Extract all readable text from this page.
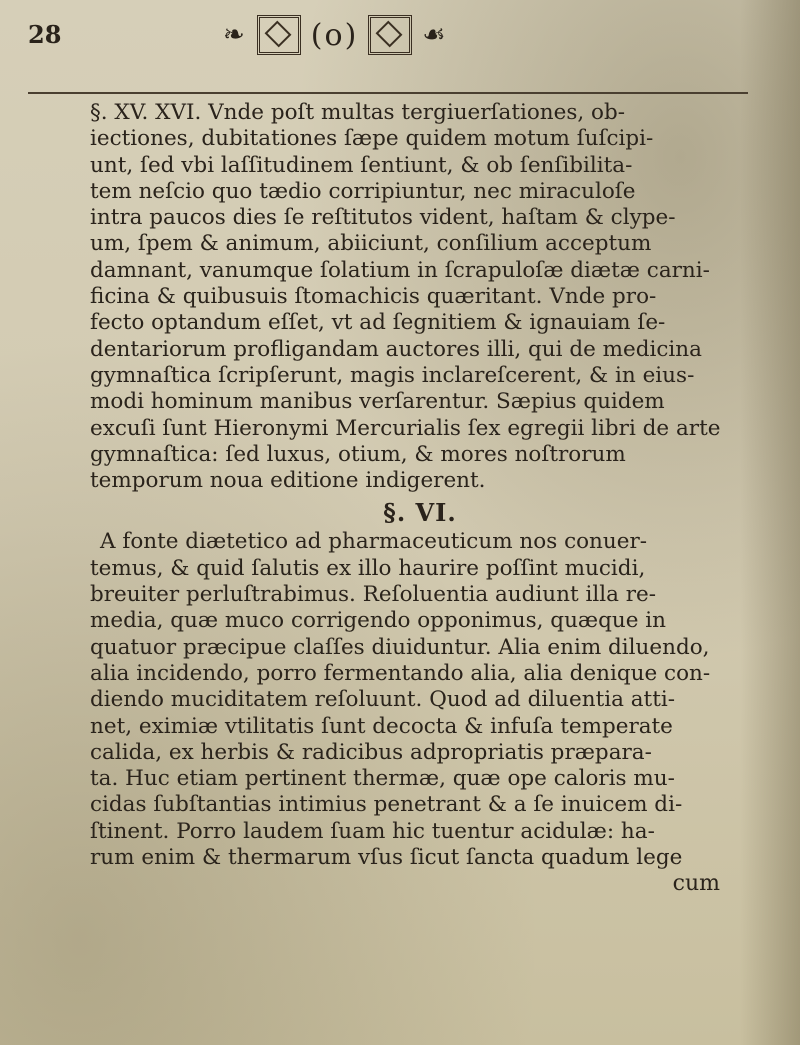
28	❧ (o) ☙
§. XV. XVI. Vnde poſt multas tergiuerſationes, ob-
iectiones, dubitationes ſæpe quidem motum ſuſcipi-
unt, ſed vbi laſſitudinem ſentiunt, & ob ſenſibilita-
tem neſcio quo tædio corripiuntur, nec miraculoſe
intra paucos dies ſe reſtitutos vident, haſtam & clype-
um, ſpem & animum, abiiciunt, conſilium acceptum
damnant, vanumque ſolatium in ſcrapuloſæ diætæ carni-
ficina & quibusuis ſtomachicis quæritant. Vnde pro-
fecto optandum eſſet, vt ad ſegnitiem & ignauiam ſe-
dentariorum profligandam auctores illi, qui de medicina
gymnaſtica ſcripſerunt, magis inclareſcerent, & in eius-
modi hominum manibus verſarentur. Sæpius quidem
excuſi ſunt Hieronymi Mercurialis ſex egregii libri de arte
gymnaſtica: ſed luxus, otium, & mores noſtrorum
temporum noua editione indigerent.
§. VI.
A fonte diætetico ad pharmaceuticum nos conuer-
temus, & quid ſalutis ex illo haurire poſſint mucidi,
breuiter perluſtrabimus. Reſoluentia audiunt illa re-
media, quæ muco corrigendo opponimus, quæque in
quatuor præcipue claſſes diuiduntur. Alia enim diluendo,
alia incidendo, porro fermentando alia, alia denique con-
diendo muciditatem reſoluunt. Quod ad diluentia atti-
net, eximiæ vtilitatis ſunt decocta & infuſa temperate
calida, ex herbis & radicibus adpropriatis præpara-
ta. Huc etiam pertinent thermæ, quæ ope caloris mu-
cidas ſubſtantias intimius penetrant & a ſe inuicem di-
ſtinent. Porro laudem ſuam hic tuentur acidulæ: ha-
rum enim & thermarum vſus ſicut ſancta quadum lege
cum
